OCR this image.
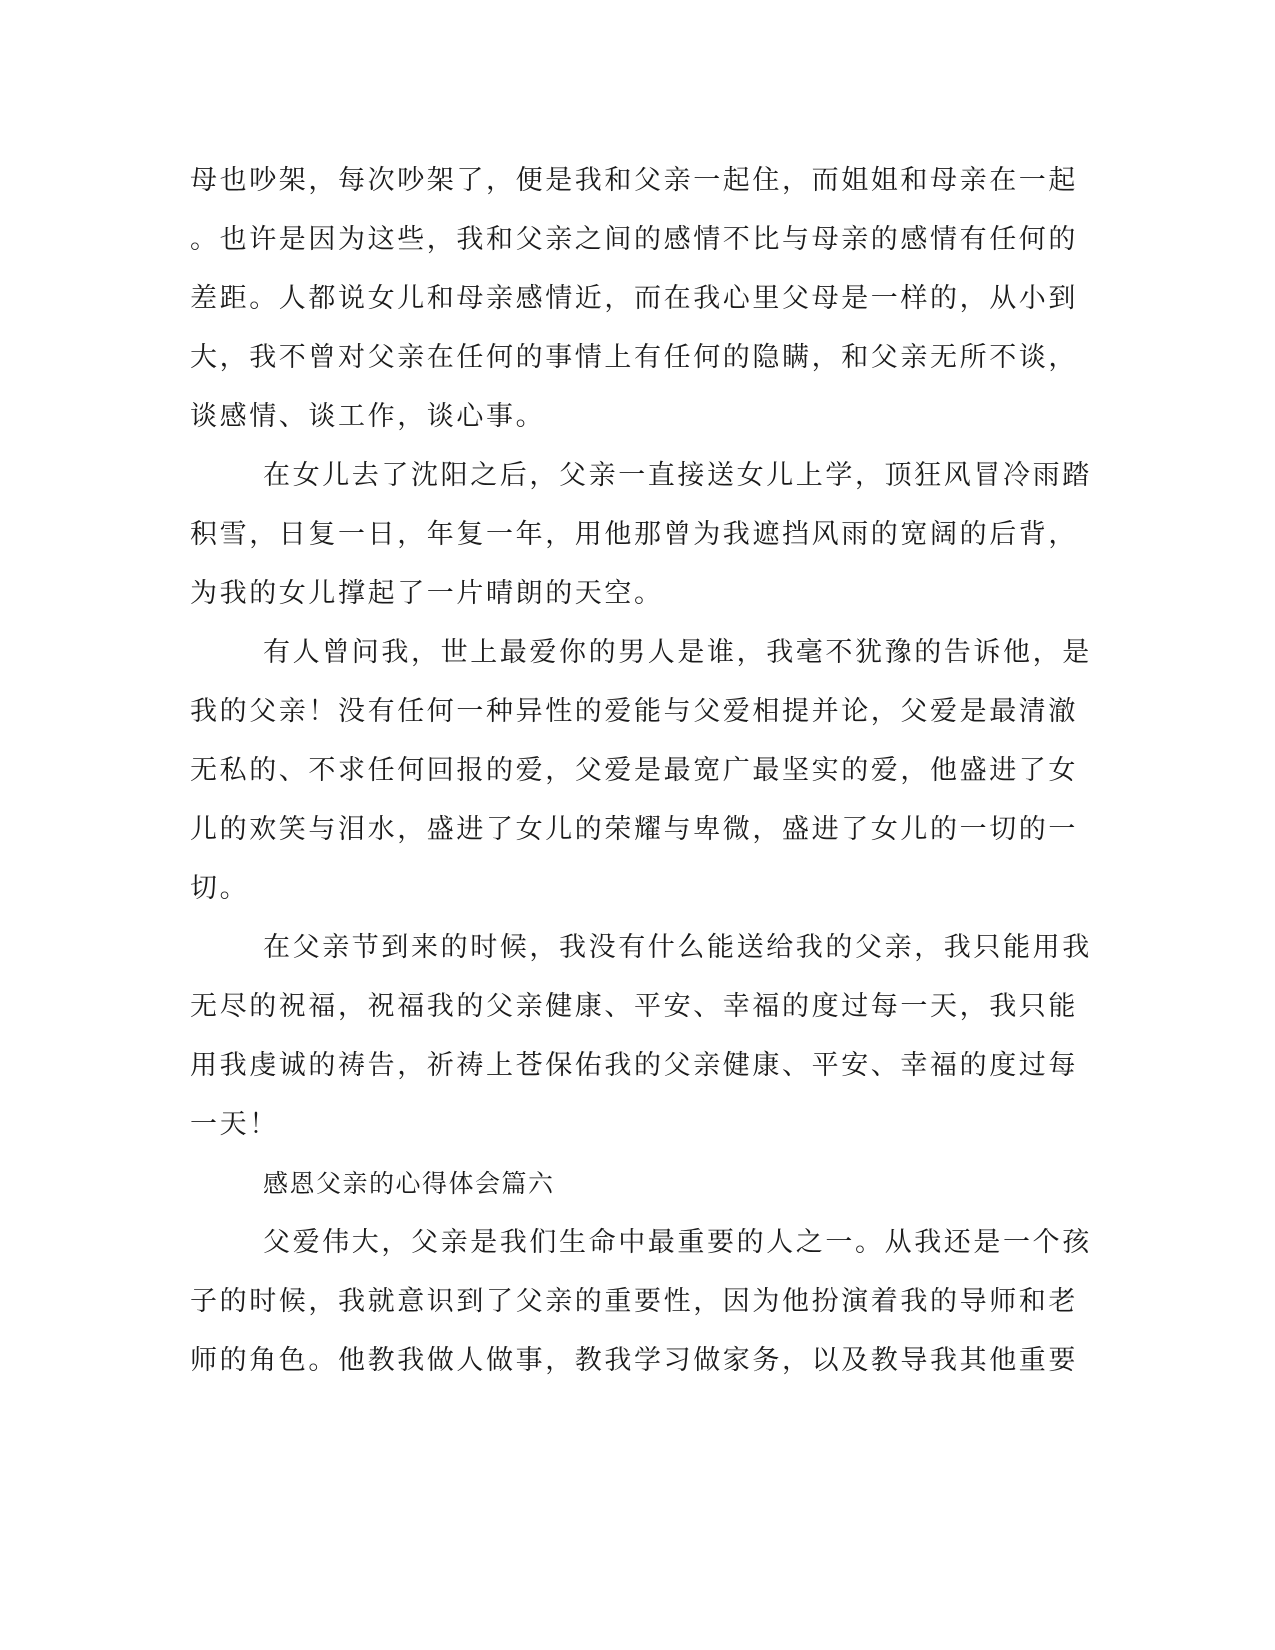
母也吵架，每次吵架了，便是我和父亲一起住，而姐姐和母亲在一起
。也许是因为这些，我和父亲之间的感情不比与母亲的感情有任何的
差距。人都说女儿和母亲感情近，而在我心里父母是一样的，从小到
大，我不曾对父亲在任何的事情上有任何的隐瞒，和父亲无所不谈，
谈感情、谈工作，谈心事。
在女儿去了沈阳之后，父亲一直接送女儿上学，顶狂风冒冷雨踏
积雪，日复一日，年复一年，用他那曾为我遮挡风雨的宽阔的后背，
为我的女儿撑起了一片晴朗的天空。
有人曾问我，世上最爱你的男人是谁，我毫不犹豫的告诉他，是
我的父亲！没有任何一种异性的爱能与父爱相提并论，父爱是最清澈
无私的、不求任何回报的爱，父爱是最宽广最坚实的爱，他盛进了女
儿的欢笑与泪水，盛进了女儿的荣耀与卑微，盛进了女儿的一切的一
切。
在父亲节到来的时候，我没有什么能送给我的父亲，我只能用我
无尽的祝福，祝福我的父亲健康、平安、幸福的度过每一天，我只能
用我虔诚的祷告，祈祷上苍保佑我的父亲健康、平安、幸福的度过每
一天！
感恩父亲的心得体会篇六
父爱伟大，父亲是我们生命中最重要的人之一。从我还是一个孩
子的时候，我就意识到了父亲的重要性，因为他扮演着我的导师和老
师的角色。他教我做人做事，教我学习做家务，以及教导我其他重要
